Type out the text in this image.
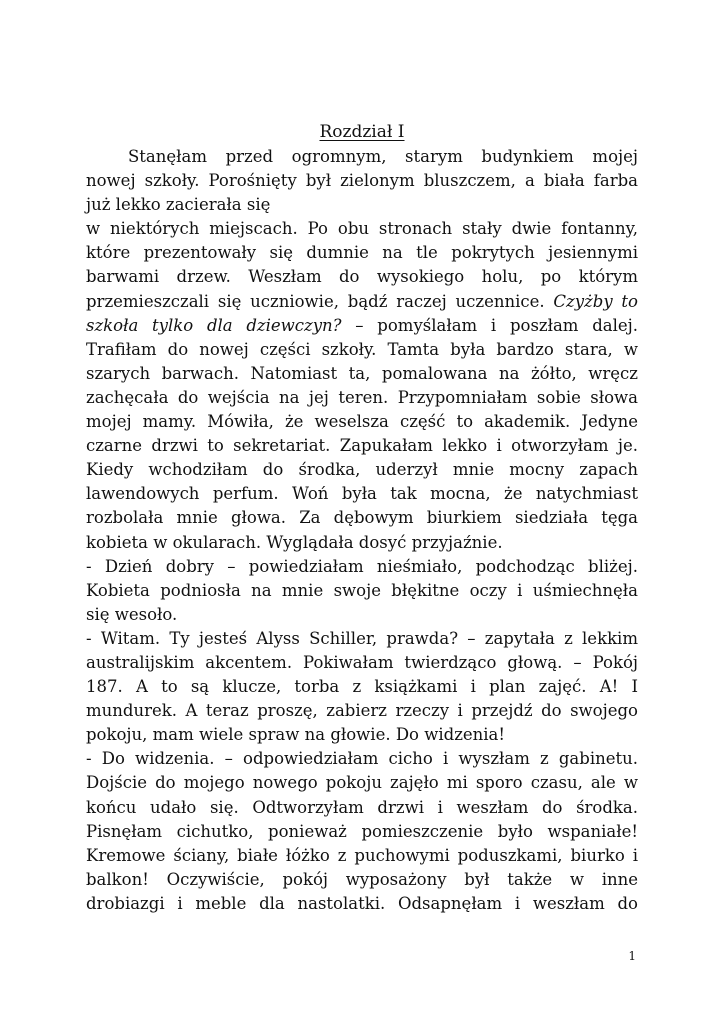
Rozdział I
Stanęłam przed ogromnym, starym budynkiem mojej
nowej szkoły. Porośnięty był zielonym bluszczem, a biała farba
już lekko zacierała się
w niektórych miejscach. Po obu stronach stały dwie fontanny,
które prezentowały się dumnie na tle pokrytych jesiennymi
barwami drzew. Weszłam do wysokiego holu, po którym
przemieszczali się uczniowie, bądź raczej uczennice. Czyżby to
szkoła tylko dla dziewczyn? – pomyślałam i poszłam dalej.
Trafiłam do nowej części szkoły. Tamta była bardzo stara, w
szarych barwach. Natomiast ta, pomalowana na żółto, wręcz
zachęcała do wejścia na jej teren. Przypomniałam sobie słowa
mojej mamy. Mówiła, że weselsza część to akademik. Jedyne
czarne drzwi to sekretariat. Zapukałam lekko i otworzyłam je.
Kiedy wchodziłam do środka, uderzył mnie mocny zapach
lawendowych perfum. Woń była tak mocna, że natychmiast
rozbolała mnie głowa. Za dębowym biurkiem siedziała tęga
kobieta w okularach. Wyglądała dosyć przyjaźnie.
- Dzień dobry – powiedziałam nieśmiało, podchodząc bliżej.
Kobieta podniosła na mnie swoje błękitne oczy i uśmiechnęła
się wesoło.
- Witam. Ty jesteś Alyss Schiller, prawda? – zapytała z lekkim
australijskim akcentem. Pokiwałam twierdząco głową. – Pokój
187. A to są klucze, torba z książkami i plan zajęć. A! I
mundurek. A teraz proszę, zabierz rzeczy i przejdź do swojego
pokoju, mam wiele spraw na głowie. Do widzenia!
- Do widzenia. – odpowiedziałam cicho i wyszłam z gabinetu.
Dojście do mojego nowego pokoju zajęło mi sporo czasu, ale w
końcu udało się. Odtworzyłam drzwi i weszłam do środka.
Pisnęłam cichutko, ponieważ pomieszczenie było wspaniałe!
Kremowe ściany, białe łóżko z puchowymi poduszkami, biurko i
balkon! Oczywiście, pokój wyposażony był także w inne
drobiazgi i meble dla nastolatki. Odsapnęłam i weszłam do
1
